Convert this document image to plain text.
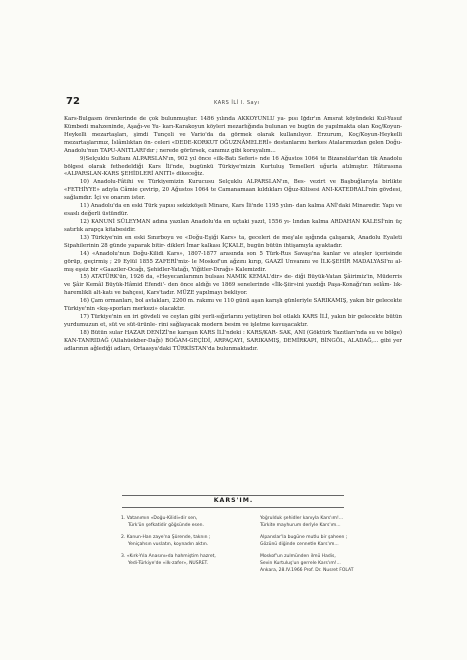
72	KARS İLİ I. Sayı

Kars-Bulgasm örenlerinde de çok bulunmuştur. 1486 yılında AKKOYUNLU ya- pısı İğdır'ın Amsrat köyündeki Kul-Yusuf Kümbedi mahzeninde, Aşağı-ve Yu- karı-Karakoyun köyleri mezarlığında bulunan ve bugün de yapılmakta olan Koç/Koyun-Heykelli mezartaşları, şimdi Tunçeli ve Vario'da da görmek olarak kullanılıyor. Erzurum, Koç/Koyun-Heykelli mezartaşlarımız, İslâmlıktan ön- celeri «DEDE-KORKUT OĞUZNÂMELERİ» destanlarını herkes Atalarımızdan gelen Doğu-Anadolu'nun TAPU-ANITLARI'dır ; nerede görürsek, canımız gibi koruyalım...

9)Selçuklu Sultanı ALPARSLAN'ın, 902 yıl önce «ilk-Batı Seferi» nde 16 Ağustos 1064 te Bizanslılar'dan tik Anadolu bölgesi olarak fethedeldiği Kars İli'nde, bugünkü Türkiye'mizin Kurtuluş Temelleri uğurla atılmıştır. Hâtırasına «ALPARSLAN-KARS ŞEHİDLERİ ANITI» dikeceğiz.

10) Anadolu-Fâtihi ve Türkiyemizin Kurucusu Selçuklu ALPARSLAN'ın, Bes- vezirt ve Başbuğlarıyla birlikte «FETHİYYE» adıyla Câmie çevirip, 20 Ağustos 1064 te Camanamaan kıldıkları Oğuz-Kilisesi ANI-KATEDRALİ'nin gövdesi, sağlamdır. İçi ve onarım ister.

11) Anadolu'da en eski Türk yapısı sekizköşeli Minare, Kars İli'nde 1195 yılın- dan kalma ANİ'daki Minaredir. Yapı ve esaslı değerli üstündür.

12) KANUNİ SÜLEYMAN adına yazılan Anadolu'da en uçtaki yazıt, 1556 yı- lından kalma ARDAHAN KALESİ'nin üç satırlık arapça kitabesidir.

13) Türkiye'nin en eski Sınırboyu ve «Doğu-Eşiği Kars» ta, geceleri de meş'ale ışığında çalışarak, Anadolu Eyaleti Sipahilerinin 28 günde yaparak bitir- dikleri İmar kalkası İÇKALE, bugün bütün ihtişamıyla ayaktadır.

14) «Anadolu'nun Doğu-Kilidi Kars», 1807-1877 arasında son 5 Türk-Rus Savaşı'na kanlar ve ateşler içerisinde görüp, geçirmiş ; 29 Eylül 1855 ZAFERİ'miz- le Moskof'un ağzını kırıp, GAAZİ Unvanını ve İLK-ŞEHİR MADALYASI'nı al- mış eşsiz bir «Gaaziler-Ocağı, Şehidler-Yatağı, Yiğitler-Dırağı» Kalemizdir.

15) ATATÜRK'ün, 1926 da, «Heyecanlarımın bulsası NAMIK KEMAL'dir» de- diği Büyük-Vatan Şâirimiz'in, Müderris ve Şâir Kemâl Büyük-Hâmid Efendi'- den önce aldığı ve 1869 senelerinde «İlk-Şiir»ini yazdığı Paşa-Konağı'nın selâm- lık-haremlikli alt-katı ve bahçesi, Kars'tadır. MÜZE yapılmayı bekliyor.

16) Çam ormanları, bol avlakları, 2200 m. rakımı ve 110 günü aşan karışlı günleriyle SARIKAMIŞ, yakın bir gelecekte Türkiye'nin «kış-sporları merkezi» olacaktır.

17) Türkiye'nin en iri gövdeli ve ceylan gibi yerli-sığırlarını yetiştiren bol otlaklı KARS İLİ, yakın bir gelecekte bütün yurdumuzun et, süt ve süt-ürünle- rini sağlayacak modern besim ve işletme kavuşacaktır.

18) Bütün sular HAZAR DENİZİ'ne karışan KARS İLİ'ndeki : KARS/KAR- SAK, ANI (Göktürk Yazıtları'nda su ve bölge) KAN-TANRIDAĞ (Allahüekber-Dağı) BOĞAM-GEÇİDİ, ARPAÇAYI, SARIKAMIŞ, DEMİRKAPI, BİNGÖL, ALADAĞ,... gibi yer adlarının ağlediği adları, Ortaasya'daki TÜRKİSTAN'da bulunmaktadır.

KARS'IM.

1. Vatanımın «Doğu-Kilidi»dir sen,
Türk'ün şefkatidir göğsünde esen.

2. Kanun-Han zaye'na Şûrende, taknın ;
Yeniçahsın vuslatın, koynadın aktın.

3. «Kırk-Yıla Anasını»da hahmiştim hazret,
Yedi-Türkiye'de «ilk-zafer», NUSRET.

Yoğrulduk şehidler kanıyla Kars'ım!...
Türkite mayhurum derîyle Kars'ım...

Alpanslar'la bugüne mutlu bir şaheen ;
Gözünü diğinde cennetle Kars'ım...

Moskof'un zulmünden ilmü Hadis,
Sevin Kurtuluş'un gerrele Kars'ım!...
Ankara, 28.IV.1966 Prof. Dr. Nusret FOLAT
